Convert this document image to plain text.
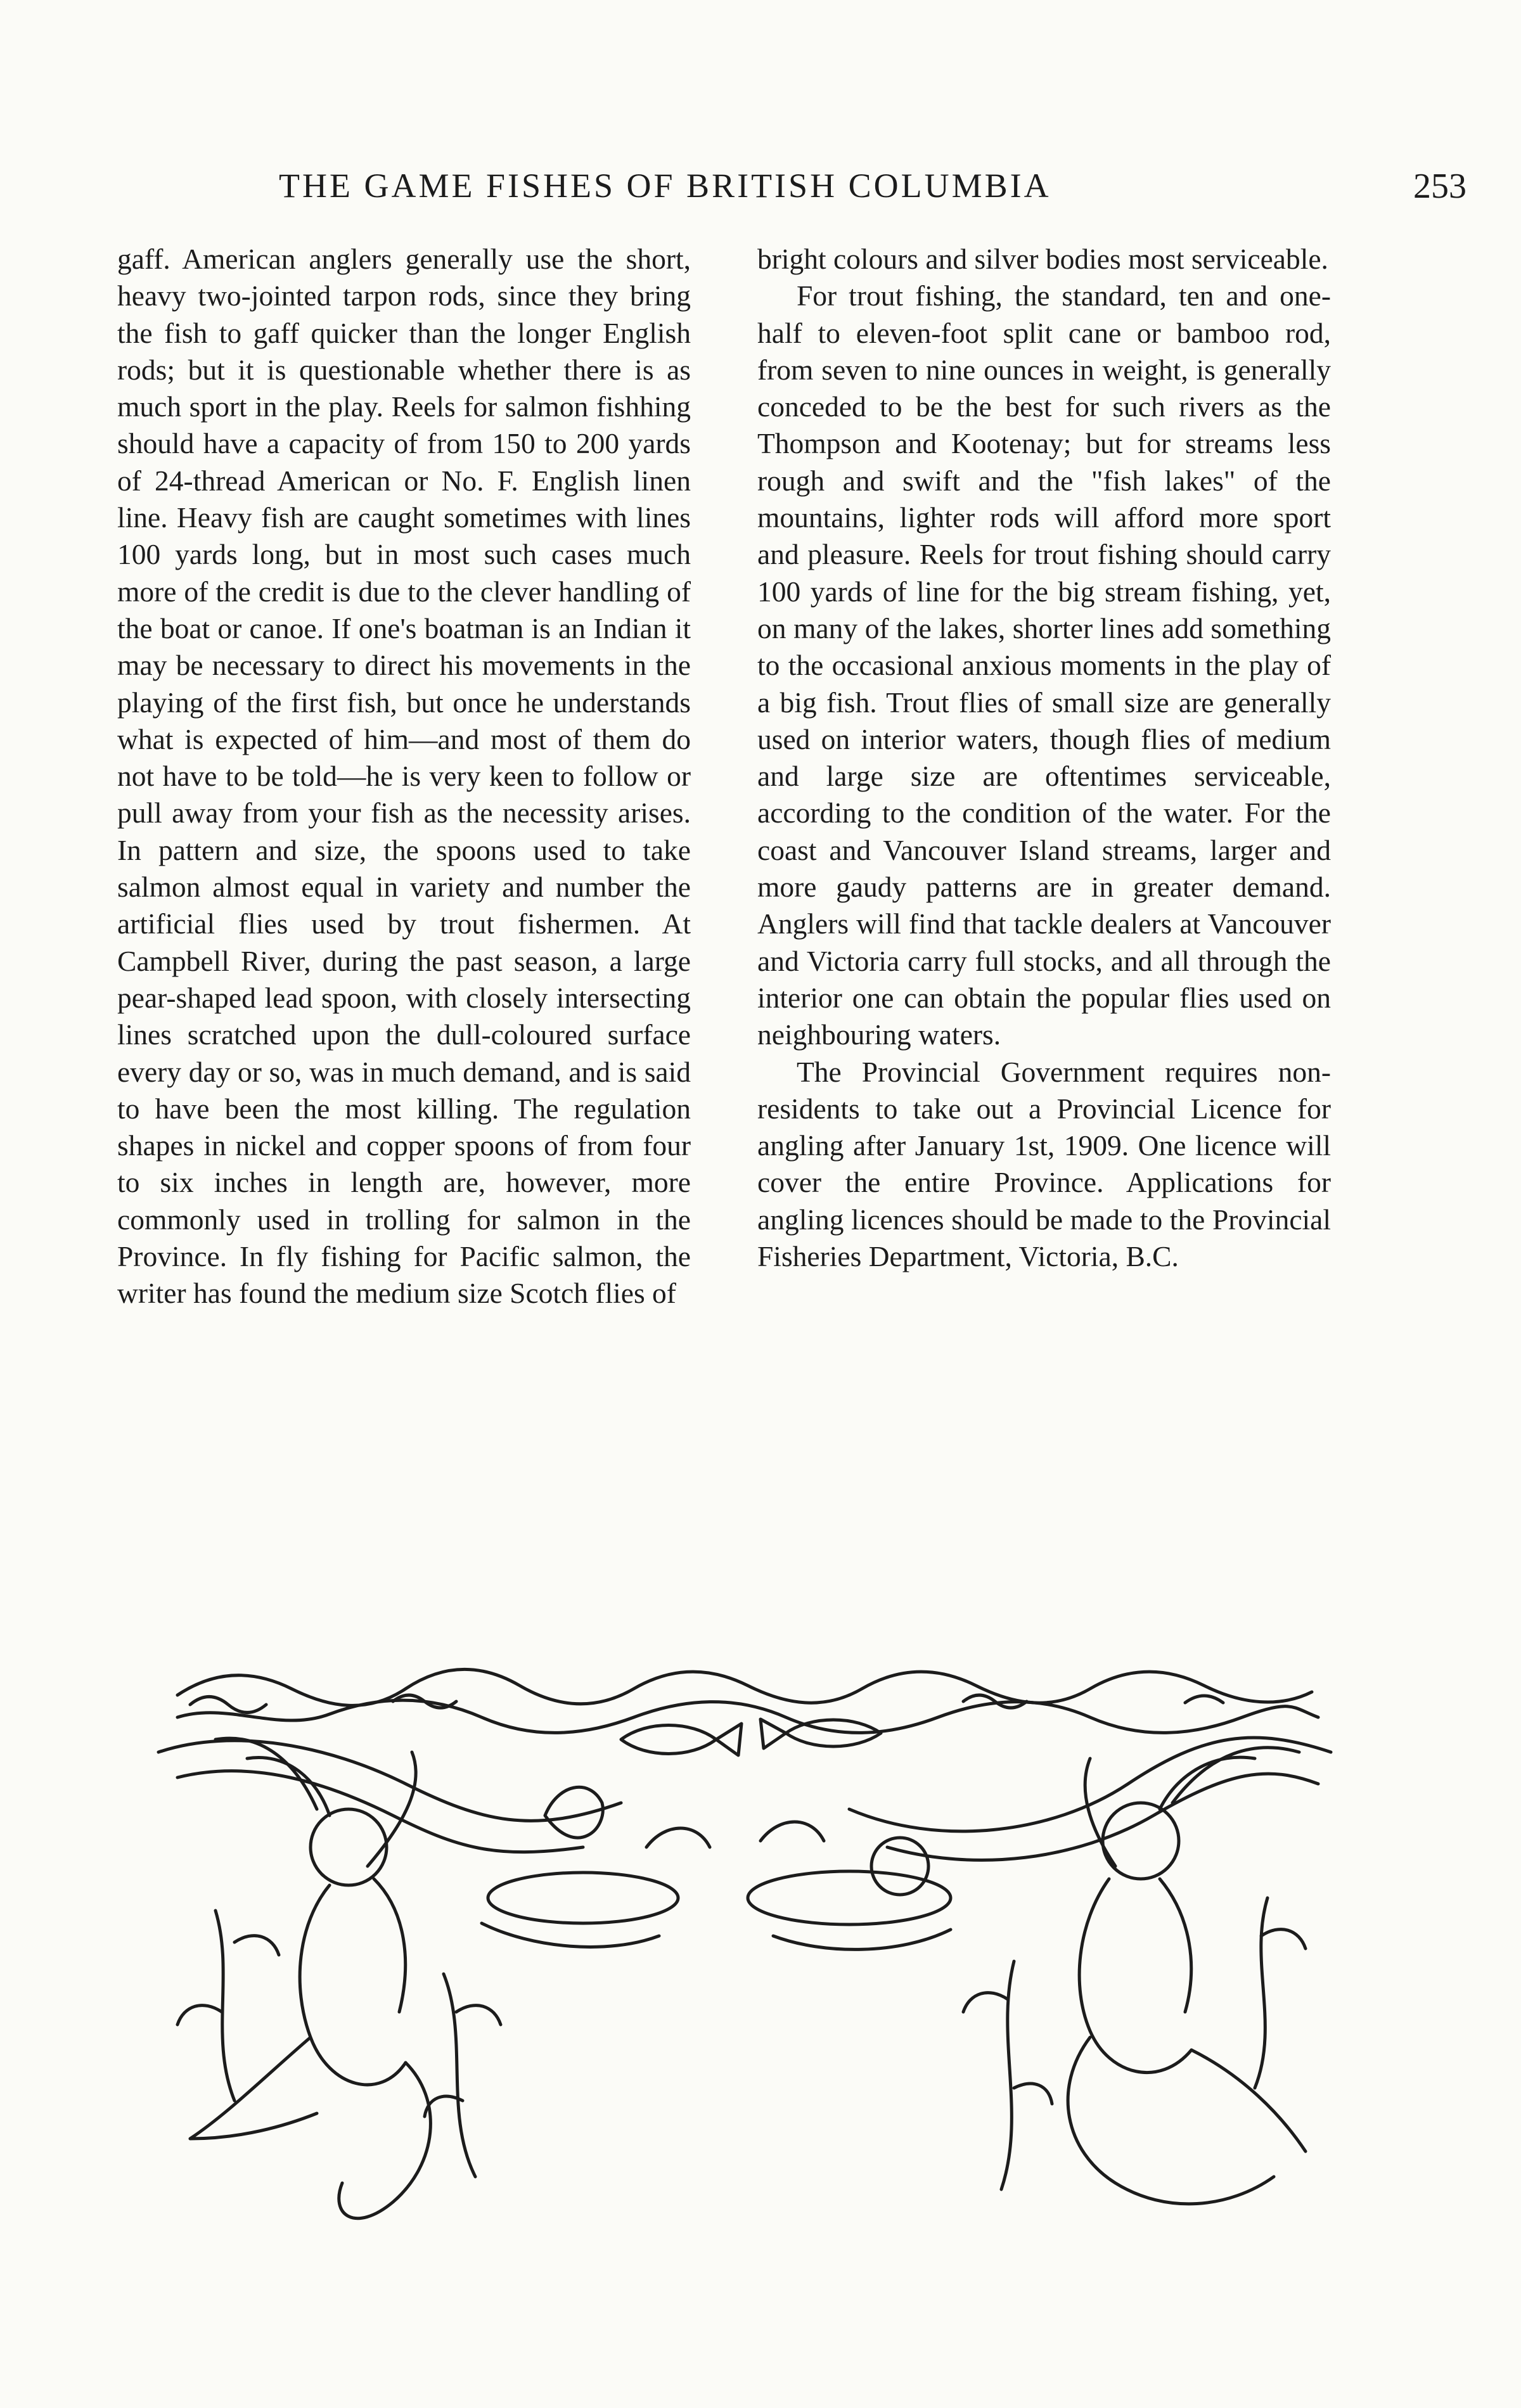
THE GAME FISHES OF BRITISH COLUMBIA	253

gaff. American anglers generally use the short, heavy two-jointed tarpon rods, since they bring the fish to gaff quicker than the longer English rods; but it is questionable whether there is as much sport in the play. Reels for salmon fishhing should have a capacity of from 150 to 200 yards of 24-thread American or No. F. English linen line. Heavy fish are caught sometimes with lines 100 yards long, but in most such cases much more of the credit is due to the clever handling of the boat or canoe. If one's boatman is an Indian it may be necessary to direct his movements in the playing of the first fish, but once he understands what is expected of him—and most of them do not have to be told—he is very keen to follow or pull away from your fish as the necessity arises. In pattern and size, the spoons used to take salmon almost equal in variety and number the artificial flies used by trout fishermen. At Campbell River, during the past season, a large pear-shaped lead spoon, with closely intersecting lines scratched upon the dull-coloured surface every day or so, was in much demand, and is said to have been the most killing. The regulation shapes in nickel and copper spoons of from four to six inches in length are, however, more commonly used in trolling for salmon in the Province. In fly fishing for Pacific salmon, the writer has found the medium size Scotch flies of

bright colours and silver bodies most serviceable.

For trout fishing, the standard, ten and one-half to eleven-foot split cane or bamboo rod, from seven to nine ounces in weight, is generally conceded to be the best for such rivers as the Thompson and Kootenay; but for streams less rough and swift and the "fish lakes" of the mountains, lighter rods will afford more sport and pleasure. Reels for trout fishing should carry 100 yards of line for the big stream fishing, yet, on many of the lakes, shorter lines add something to the occasional anxious moments in the play of a big fish. Trout flies of small size are generally used on interior waters, though flies of medium and large size are oftentimes serviceable, according to the condition of the water. For the coast and Vancouver Island streams, larger and more gaudy patterns are in greater demand. Anglers will find that tackle dealers at Vancouver and Victoria carry full stocks, and all through the interior one can obtain the popular flies used on neighbouring waters.

The Provincial Government requires non-residents to take out a Provincial Licence for angling after January 1st, 1909. One licence will cover the entire Province. Applications for angling licences should be made to the Provincial Fisheries Department, Victoria, B.C.
